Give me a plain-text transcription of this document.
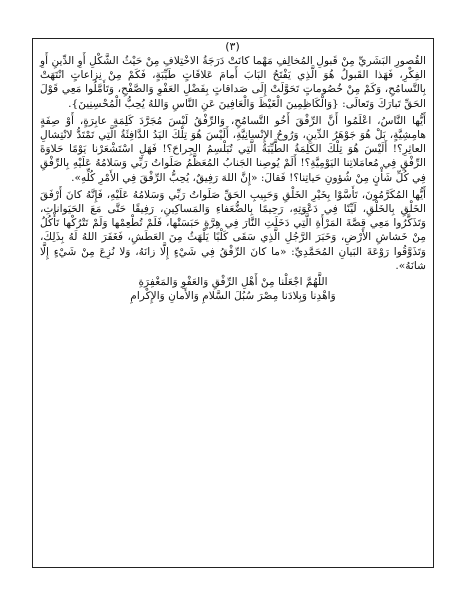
(٣)

القُصورِ البَشَريِّ مِنْ قَبولِ المُخالِفِ مَهْما كانَتْ دَرَجَةُ الاخْتِلافِ مِنْ حَيْثُ الشَّكْلِ أَوِ الدِّينِ أَوِ الفِكْرِ، فَهَذا القَبولُ هُوَ الَّذِي يَفْتَحُ البَابَ أَمامَ عَلاقَاتٍ طَيِّبَةٍ، فَكَمْ مِنْ نِزاعاتٍ انْتَهَتْ بِالتَّسامُحِ، وَكَمْ مِنْ خُصُوماتٍ تَحَوَّلَتْ إِلَى صَداقاتٍ بِفَضْلِ العَفْوِ وَالصَّفْحِ، وَتَأَمَّلُوا مَعِي قَوْلَ الحَقِّ تَبارَكَ وَتَعالَى: {وَالْكَاظِمِينَ الْغَيْظَ وَالْعَافِينَ عَنِ النَّاسِ وَاللهُ يُحِبُّ الْمُحْسِنِينَ}.

أَيُّها النَّاسُ، اعْلَمُوا أَنَّ الرِّفْقَ أَخُو التَّسامُحِ، وَالرِّفْقُ لَيْسَ مُجَرَّدَ كَلِمَةٍ عابِرَةٍ، أَوْ صِفَةٍ هامِشِيَّةٍ، بَلْ هُوَ جَوْهَرُ الدِّينِ، وَرُوحُ الإِنْسانِيَّةِ، أَلَيْسَ هُوَ تِلْكَ اليَدُ الدَّافِئَةُ الَّتِي تَمْتَدُّ لانْتِشالِ العاثِرِ؟! أَلَيْسَ هُوَ تِلْكَ الكَلِمَةُ الطَّيِّبَةُ الَّتِي تُبَلْسِمُ الجِراحَ؟! فَهَلِ اسْتَشْعَرْنا يَوْمًا حَلاوَةَ الرِّفْقِ فِي مُعامَلاتِنا اليَوْمِيَّةِ؟! أَلَمْ يُوصِنا الجَنابُ المُعَظَّمُ صَلَواتُ رَبِّي وَسَلامُهُ عَلَيْهِ بِالرِّفْقِ فِي كُلِّ شَأْنٍ مِنْ شُؤونِ حَياتِنا؟! فَقالَ: «إِنَّ اللهَ رَفِيقٌ، يُحِبُّ الرِّفْقَ فِي الأَمْرِ كُلِّهِ».

أَيُّها المُكَرَّمُونَ، تَأَسَّوْا بِخَيْرِ الخَلْقِ وَحَبِيبِ الحَقِّ صَلَواتُ رَبِّي وَسَلامُهُ عَلَيْهِ، فَإِنَّهُ كانَ أَرْفَقَ الخَلْقِ بِالخَلْقِ، لَيِّنًا فِي دَعْوَتِهِ، رَحِيمًا بِالضُّعَفاءِ وَالمَساكِينِ، رَفِيقًا حَتَّى مَعَ الحَيَواناتِ، وَتَذَكَّرُوا مَعِي قِصَّةَ المَرْأَةِ الَّتِي دَخَلَتِ النَّارَ فِي هِرَّةٍ حَبَسَتْها، فَلَمْ تُطْعِمْها وَلَمْ تَتْرُكْها تَأْكُلُ مِنْ خَشاشِ الأَرْضِ، وَخَبَرَ الرَّجُلِ الَّذِي سَقَى كَلْبًا يَلْهَثُ مِنَ العَطَشِ، فَغَفَرَ اللهُ لَهُ بِذَلِكَ، وَتَذَوَّقُوا رَوْعَةَ البَيانِ المُحَمَّدِيِّ: «ما كانَ الرِّفْقُ فِي شَيْءٍ إِلَّا زانَهُ، وَلا نُزِعَ مِنْ شَيْءٍ إِلَّا شانَهُ».

اللَّهُمَّ اجْعَلْنا مِنْ أَهْلِ الرِّفْقِ وَالعَفْوِ وَالمَغْفِرَةِ

وَاهْدِنا وَبِلادَنا مِصْرَ سُبُلَ السَّلامِ وَالأَمانِ وَالإِكْرامِ
